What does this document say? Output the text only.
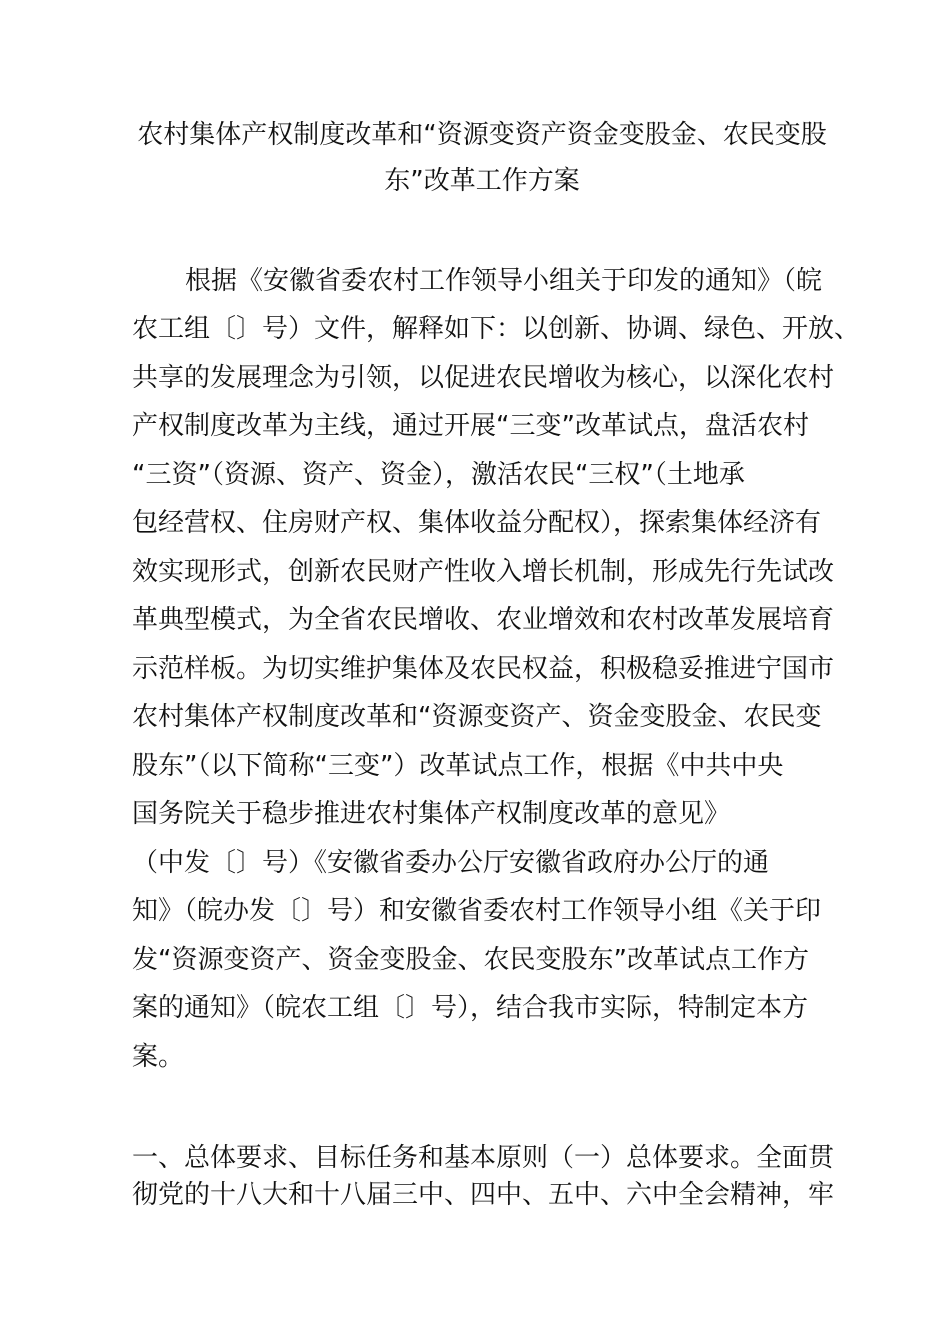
农村集体产权制度改革和“资源变资产资金变股金、农民变股
东”改革工作方案

根据《安徽省委农村工作领导小组关于印发的通知》（皖

农工组〔〕号）文件，解释如下：以创新、协调、绿色、开放、

共享的发展理念为引领，以促进农民增收为核心，以深化农村

产权制度改革为主线，通过开展“三变”改革试点，盘活农村

“三资”（资源、资产、资金），激活农民“三权”（土地承

包经营权、住房财产权、集体收益分配权），探索集体经济有

效实现形式，创新农民财产性收入增长机制，形成先行先试改

革典型模式，为全省农民增收、农业增效和农村改革发展培育

示范样板。为切实维护集体及农民权益，积极稳妥推进宁国市

农村集体产权制度改革和“资源变资产、资金变股金、农民变

股东”（以下简称“三变”）改革试点工作，根据《中共中央

国务院关于稳步推进农村集体产权制度改革的意见》

（中发〔〕号）《安徽省委办公厅安徽省政府办公厅的通

知》（皖办发〔〕号）和安徽省委农村工作领导小组《关于印

发“资源变资产、资金变股金、农民变股东”改革试点工作方

案的通知》（皖农工组〔〕号），结合我市实际，特制定本方

案。

一、总体要求、目标任务和基本原则（一）总体要求。全面贯

彻党的十八大和十八届三中、四中、五中、六中全会精神，牢
